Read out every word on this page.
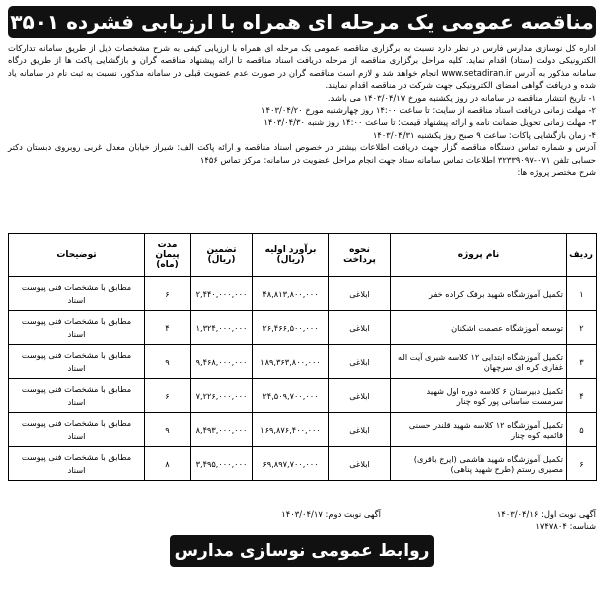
مناقصه عمومی یک مرحله ای همراه با ارزیابی فشرده ۳۵۰۱

اداره کل نوسازی مدارس فارس در نظر دارد نسبت به برگزاری مناقصه عمومی یک مرحله ای همراه با ارزیابی کیفی به شرح مشخصات ذیل از طریق سامانه تدارکات الکترونیکی دولت (ستاد) اقدام نماید. کلیه مراحل برگزاری مناقصه از مرحله دریافت اسناد مناقصه تا ارائه پیشنهاد مناقصه گران و بازگشایی پاکت ها از طریق درگاه سامانه مذکور به آدرس www.setadiran.ir انجام خواهد شد و لازم است مناقصه گران در صورت عدم عضویت قبلی در سامانه مذکور، نسبت به ثبت نام در سامانه یاد شده و دریافت گواهی امضای الکترونیکی جهت شرکت در مناقصه اقدام نمایند.

۱- تاریخ انتشار مناقصه در سامانه در روز یکشنبه مورخ ۱۴۰۳/۰۴/۱۷ می باشد.

۲- مهلت زمانی دریافت اسناد مناقصه از سایت: تا ساعت ۱۴:۰۰ روز چهارشنبه مورخ ۱۴۰۳/۰۴/۲۰

۳- مهلت زمانی تحویل ضمانت نامه و ارائه پیشنهاد قیمت: تا ساعت ۱۴:۰۰ روز شنبه ۱۴۰۳/۰۴/۳۰

۴- زمان بازگشایی پاکات: ساعت ۹ صبح روز یکشنبه ۱۴۰۳/۰۴/۳۱

آدرس و شماره تماس دستگاه مناقصه گزار جهت دریافت اطلاعات بیشتر در خصوص اسناد مناقصه و ارائه پاکت الف: شیراز خیابان معدل غربی روبروی دبستان دکتر حسابی تلفن ۰۷۱-۳۲۳۳۹۰۹۷ اطلاعات تماس سامانه ستاد جهت انجام مراحل عضویت در سامانه: مرکز تماس ۱۴۵۶

شرح مختصر پروژه ها:

ردیف	نام پروژه	نحوه پرداخت	برآورد اولیه (ریال)	تضمین (ریال)	مدت پیمان (ماه)	توضیحات
۱	تکمیل آموزشگاه شهید برفک کراده خفر	ابلاغی	۴۸,۸۱۳,۸۰۰,۰۰۰	۲,۴۴۰,۰۰۰,۰۰۰	۶	مطابق با مشخصات فنی پیوست اسناد
۲	توسعه آموزشگاه عصمت اشکنان	ابلاغی	۲۶,۴۶۶,۵۰۰,۰۰۰	۱,۳۲۴,۰۰۰,۰۰۰	۴	مطابق با مشخصات فنی پیوست اسناد
۳	تکمیل آموزشگاه ابتدایی ۱۲ کلاسه شیری آیت اله غفاری کره ای سرچهان	ابلاغی	۱۸۹,۳۶۳,۸۰۰,۰۰۰	۹,۴۶۸,۰۰۰,۰۰۰	۹	مطابق با مشخصات فنی پیوست اسناد
۴	تکمیل دبیرستان ۶ کلاسه دوره اول شهید سرمست ساسانی پور کوه چنار	ابلاغی	۲۴,۵۰۹,۷۰۰,۰۰۰	۷,۲۲۶,۰۰۰,۰۰۰	۶	مطابق با مشخصات فنی پیوست اسناد
۵	تکمیل آموزشگاه ۱۲ کلاسه شهید قلندر حسنی قائمیه کوه چنار	ابلاغی	۱۶۹,۸۷۶,۴۰۰,۰۰۰	۸,۴۹۳,۰۰۰,۰۰۰	۹	مطابق با مشخصات فنی پیوست اسناد
۶	تکمیل آموزشگاه شهید هاشمی (ایرج باقری) مصیری رستم (طرح شهید پناهی)	ابلاغی	۶۹,۸۹۷,۷۰۰,۰۰۰	۳,۴۹۵,۰۰۰,۰۰۰	۸	مطابق با مشخصات فنی پیوست اسناد
آگهی نوبت اول: ۱۴۰۳/۰۴/۱۶
آگهی نوبت دوم: ۱۴۰۳/۰۴/۱۷
شناسه: ۱۷۴۷۸۰۴
روابط عمومی نوسازی مدارس فارس
